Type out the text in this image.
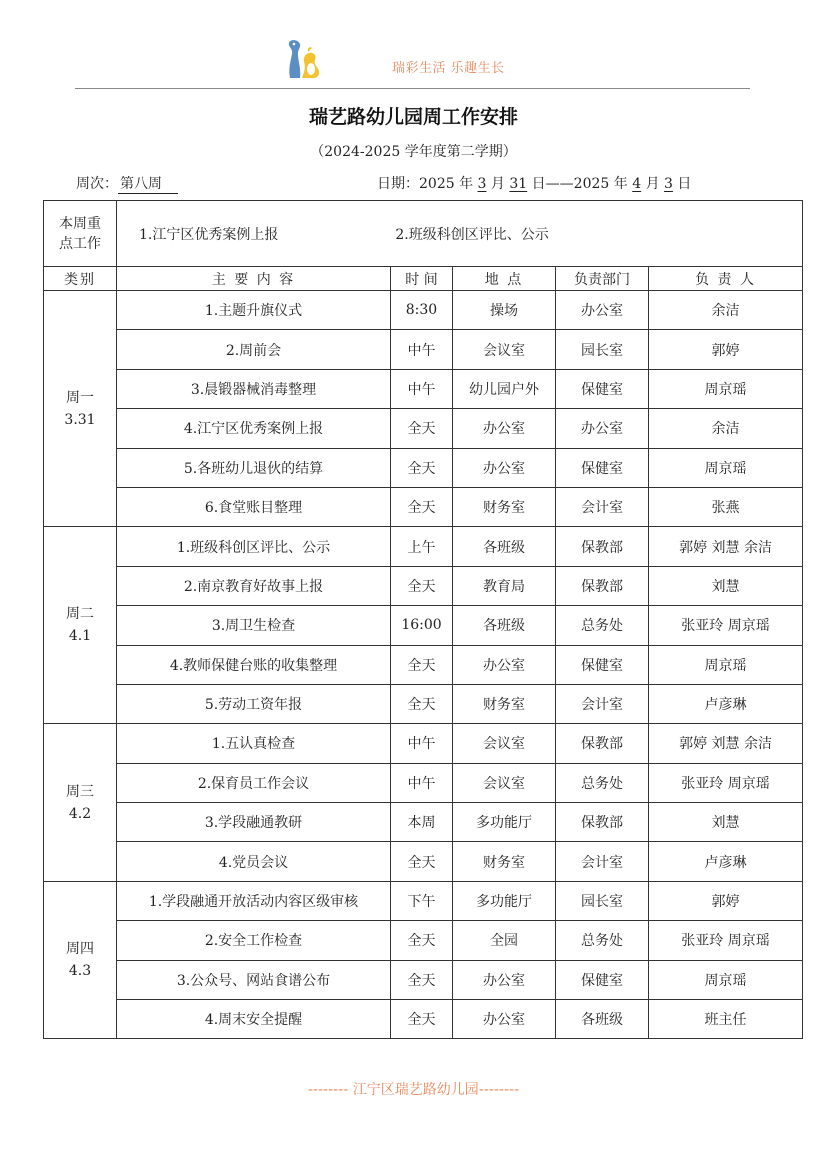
瑞彩生活 乐趣生长
瑞艺路幼儿园周工作安排
（2024-2025 学年度第二学期）
周次： 第八周	日期：2025 年 3 月 31 日——2025 年 4 月 3 日
本周重点工作	1.江宁区优秀案例上报 2.班级科创区评比、公示				
类别	主 要 内 容	时 间	地 点	负责部门	负 责 人

周一
3.31	1.主题升旗仪式	8:30	操场	办公室	余洁
	2.周前会	中午	会议室	园长室	郭婷
	3.晨锻器械消毒整理	中午	幼儿园户外	保健室	周京瑶
	4.江宁区优秀案例上报	全天	办公室	办公室	余洁
	5.各班幼儿退伙的结算	全天	办公室	保健室	周京瑶
	6.食堂账目整理	全天	财务室	会计室	张燕

周二
4.1	1.班级科创区评比、公示	上午	各班级	保教部	郭婷 刘慧 余洁
	2.南京教育好故事上报	全天	教育局	保教部	刘慧
	3.周卫生检查	16:00	各班级	总务处	张亚玲 周京瑶
	4.教师保健台账的收集整理	全天	办公室	保健室	周京瑶
	5.劳动工资年报	全天	财务室	会计室	卢彦琳

周三
4.2	1.五认真检查	中午	会议室	保教部	郭婷 刘慧 余洁
	2.保育员工作会议	中午	会议室	总务处	张亚玲 周京瑶
	3.学段融通教研	本周	多功能厅	保教部	刘慧
	4.党员会议	全天	财务室	会计室	卢彦琳

周四
4.3	1.学段融通开放活动内容区级审核	下午	多功能厅	园长室	郭婷
	2.安全工作检查	全天	全园	总务处	张亚玲 周京瑶
	3.公众号、网站食谱公布	全天	办公室	保健室	周京瑶
	4.周末安全提醒	全天	办公室	各班级	班主任
-------- 江宁区瑞艺路幼儿园--------
